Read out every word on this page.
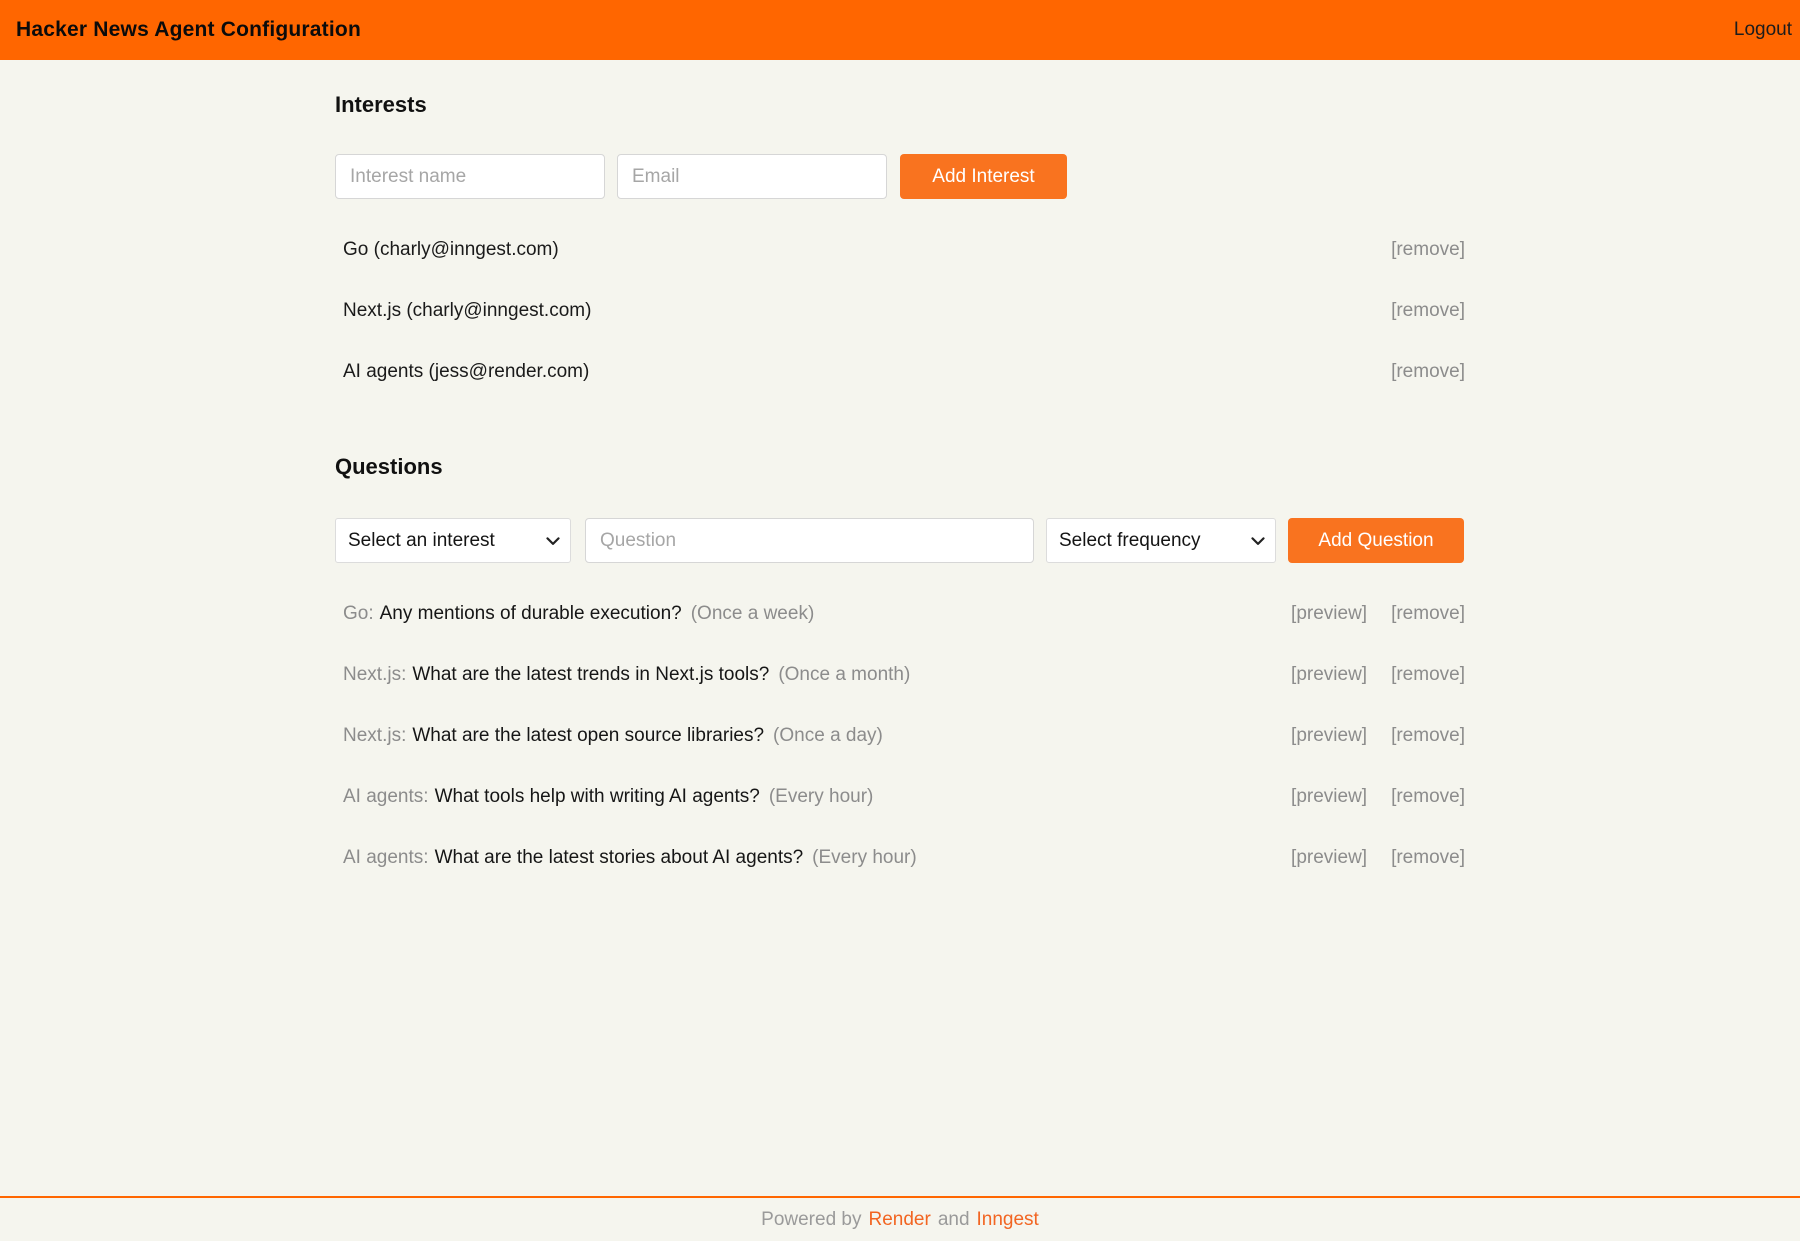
Hacker News Agent Configuration	Logout
Interests
Interest name
Email
Add Interest
Go (charly@inngest.com)	[remove]
Next.js (charly@inngest.com)	[remove]
AI agents (jess@render.com)	[remove]
Questions
Select an interest
Question
Select frequency
Add Question
Go: Any mentions of durable execution? (Once a week)	[preview] [remove]
Next.js: What are the latest trends in Next.js tools? (Once a month)	[preview] [remove]
Next.js: What are the latest open source libraries? (Once a day)	[preview] [remove]
AI agents: What tools help with writing AI agents? (Every hour)	[preview] [remove]
AI agents: What are the latest stories about AI agents? (Every hour)	[preview] [remove]
Powered by Render and Inngest
